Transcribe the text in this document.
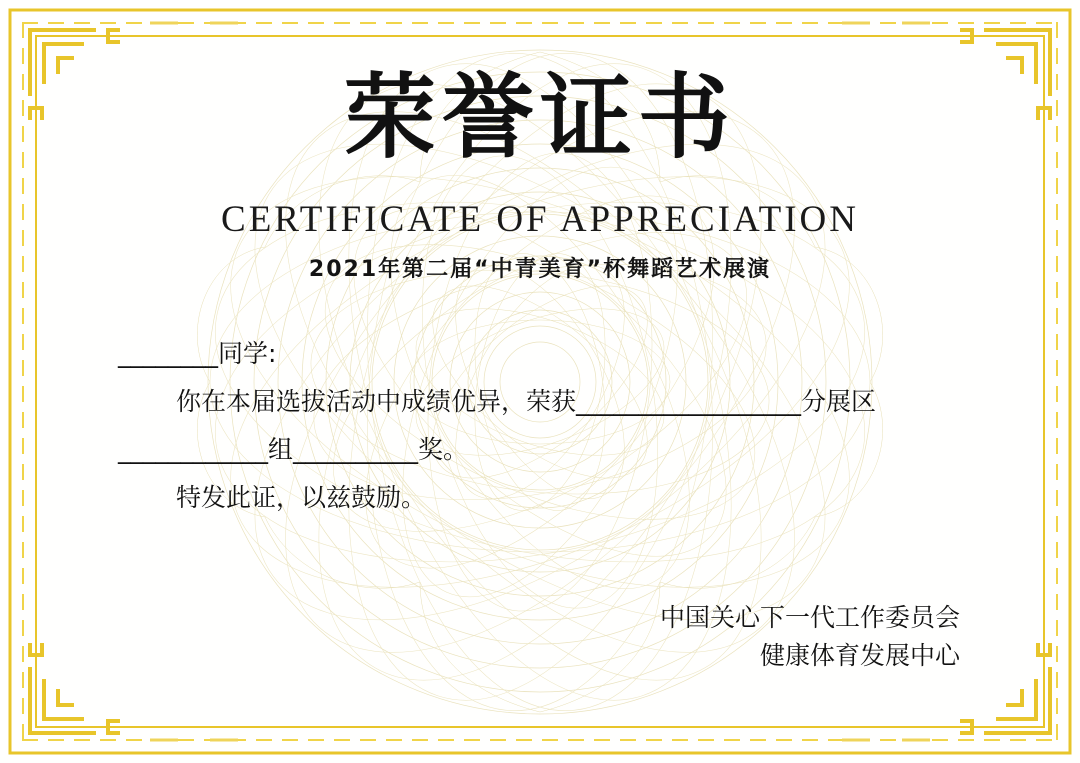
荣誉证书
CERTIFICATE OF APPRECIATION
2021年第二届“中青美育”杯舞蹈艺术展演
________同学:
你在本届选拔活动中成绩优异，荣获__________________分展区
____________组__________奖。
特发此证，以兹鼓励。
中国关心下一代工作委员会
健康体育发展中心
